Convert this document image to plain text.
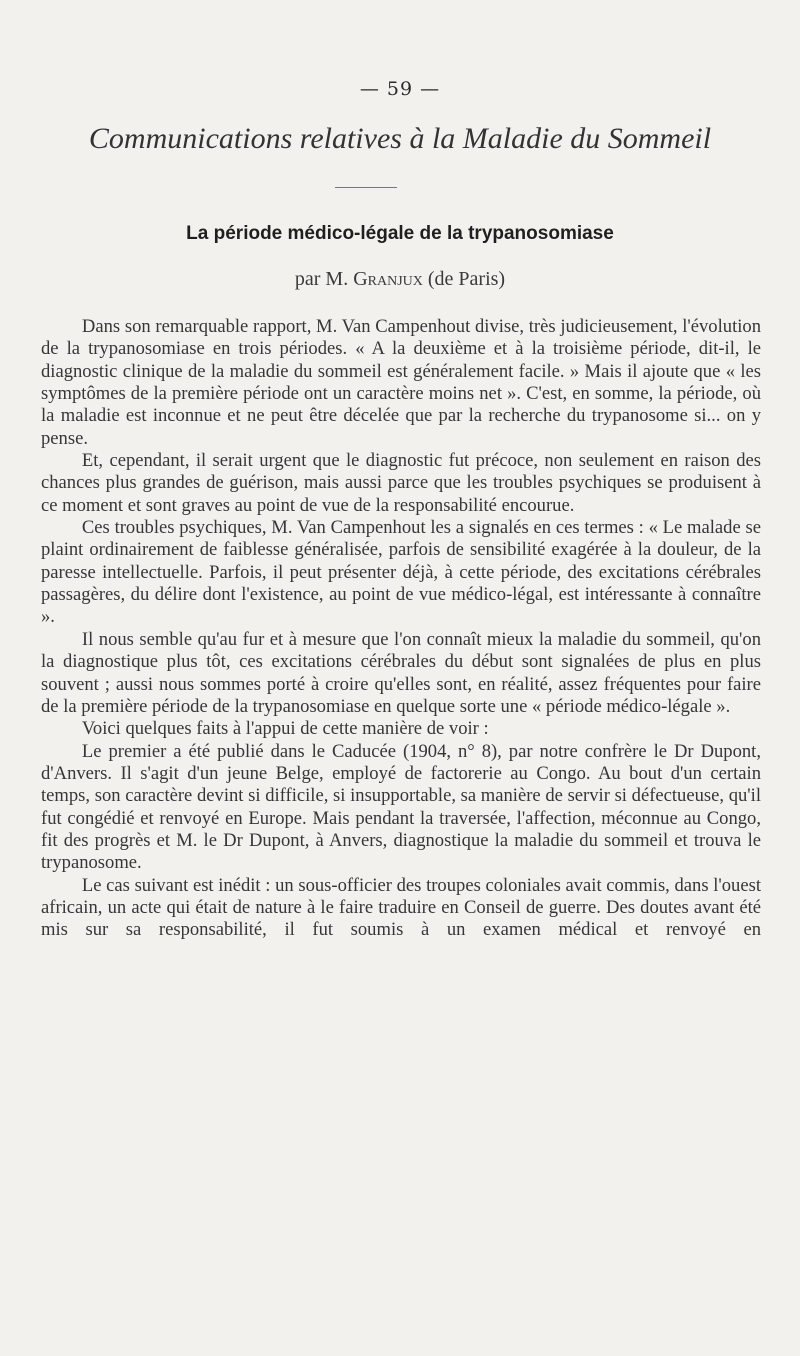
— 59 —
Communications relatives à la Maladie du Sommeil
La période médico-légale de la trypanosomiase
par M. Granjux (de Paris)

Dans son remarquable rapport, M. Van Campenhout divise, très judicieusement, l'évolution de la trypanosomiase en trois périodes. « A la deuxième et à la troisième période, dit-il, le diagnostic clinique de la maladie du sommeil est généralement facile. » Mais il ajoute que « les symptômes de la première période ont un caractère moins net ». C'est, en somme, la période, où la maladie est inconnue et ne peut être décelée que par la recherche du trypanosome si... on y pense.

Et, cependant, il serait urgent que le diagnostic fut précoce, non seulement en raison des chances plus grandes de guérison, mais aussi parce que les troubles psychiques se produisent à ce moment et sont graves au point de vue de la responsabilité encourue.

Ces troubles psychiques, M. Van Campenhout les a signalés en ces termes : « Le malade se plaint ordinairement de faiblesse généralisée, parfois de sensibilité exagérée à la douleur, de la paresse intellectuelle. Parfois, il peut présenter déjà, à cette période, des excitations cérébrales passagères, du délire dont l'existence, au point de vue médico-légal, est intéressante à connaître ».

Il nous semble qu'au fur et à mesure que l'on connaît mieux la maladie du sommeil, qu'on la diagnostique plus tôt, ces excitations cérébrales du début sont signalées de plus en plus souvent ; aussi nous sommes porté à croire qu'elles sont, en réalité, assez fréquentes pour faire de la première période de la trypanosomiase en quelque sorte une « période médico-légale ».

Voici quelques faits à l'appui de cette manière de voir :

Le premier a été publié dans le Caducée (1904, n° 8), par notre confrère le Dr Dupont, d'Anvers. Il s'agit d'un jeune Belge, employé de factorerie au Congo. Au bout d'un certain temps, son caractère devint si difficile, si insupportable, sa manière de servir si défectueuse, qu'il fut congédié et renvoyé en Europe. Mais pendant la traversée, l'affection, méconnue au Congo, fit des progrès et M. le Dr Dupont, à Anvers, diagnostique la maladie du sommeil et trouva le trypanosome.

Le cas suivant est inédit : un sous-officier des troupes coloniales avait commis, dans l'ouest africain, un acte qui était de nature à le faire traduire en Conseil de guerre. Des doutes avant été mis sur sa responsabilité, il fut soumis à un examen médical et renvoyé en
